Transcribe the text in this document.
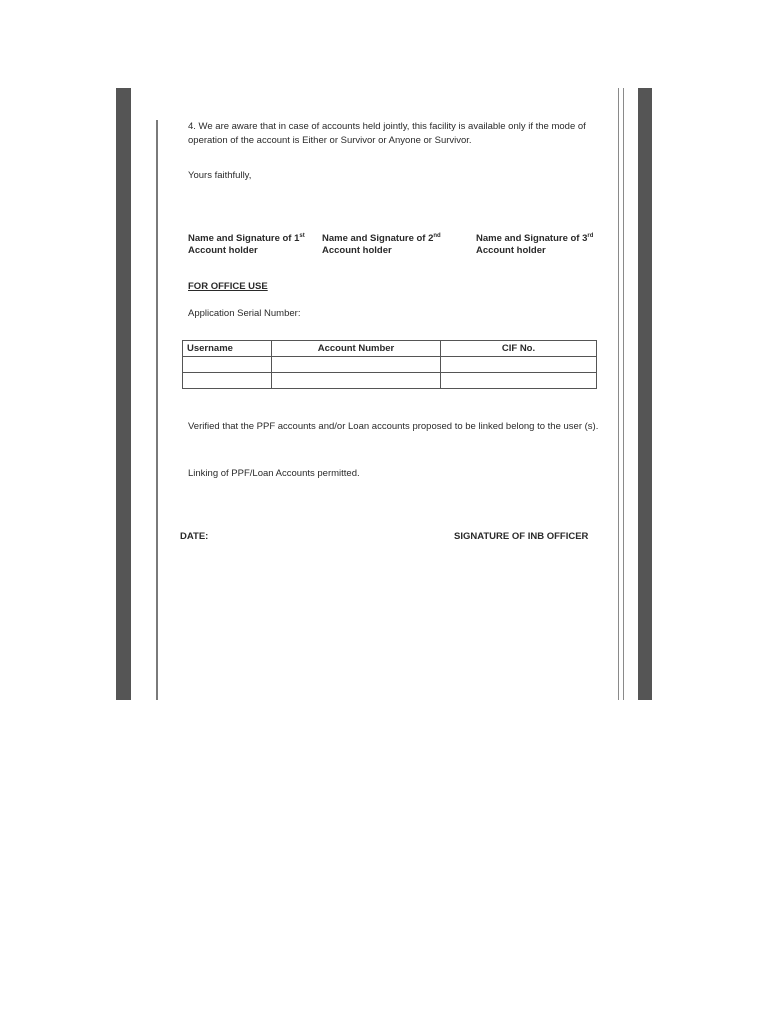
4. We are aware that in case of accounts held jointly, this facility is available only if the mode of operation of the account is Either or Survivor or Anyone or Survivor.
Yours faithfully,
Name and Signature of 1st
Account holder
Name and Signature of 2nd
Account holder
Name and Signature of 3rd
Account holder
FOR OFFICE USE
Application Serial Number:
Username	Account Number	CIF No.

Verified that the PPF accounts and/or Loan accounts proposed to be linked belong to the user (s).
Linking of PPF/Loan Accounts permitted.
DATE:	SIGNATURE OF INB OFFICER
